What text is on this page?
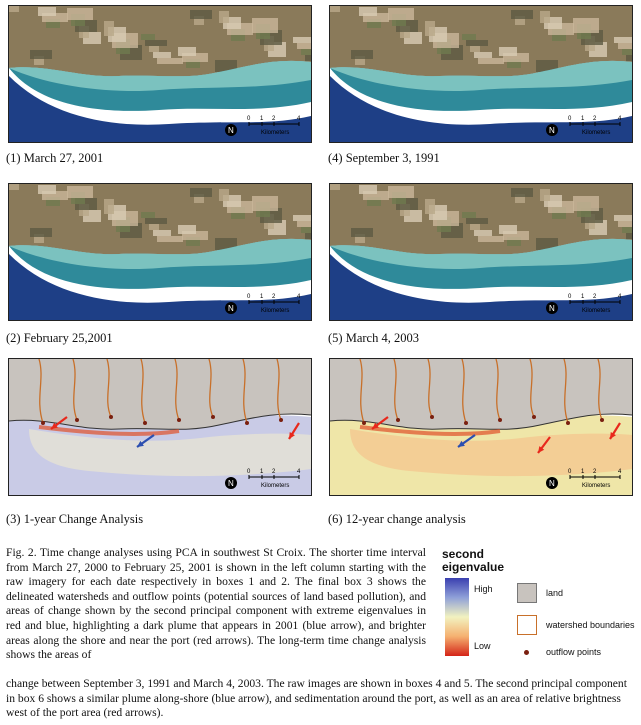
N
0 1 2	4
Kilometers
(1) March 27, 2001
N
0 1 2	4
Kilometers
(4) September 3, 1991
N
0 1 2	4
Kilometers
(2) February 25,2001
N
0 1 2	4
Kilometers
(5) March 4, 2003
N
0 1 2	4
Kilometers
(3) 1-year Change Analysis
N
0 1 2	4
Kilometers
(6) 12-year change analysis
Fig. 2. Time change analyses using PCA in southwest St Croix. The shorter time interval from March 27, 2000 to February 25, 2001 is shown in the left column starting with the raw imagery for each date respectively in boxes 1 and 2. The final box 3 shows the delineated watersheds and outflow points (potential sources of land based pollution), and areas of change shown by the second principal component with extreme eigenvalues in red and blue, highlighting a dark plume that appears in 2001 (blue arrow), and brighter areas along the shore and near the port (red arrows). The long-term time change analysis shows the areas of
change between September 3, 1991 and March 4, 2003. The raw images are shown in boxes 4 and 5. The second principal component in box 6 shows a similar plume along-shore (blue arrow), and sedimentation around the port, as well as an area of relative brightness west of the port area (red arrows).
second eigenvalue
High
Low
land
watershed boundaries
outflow points
